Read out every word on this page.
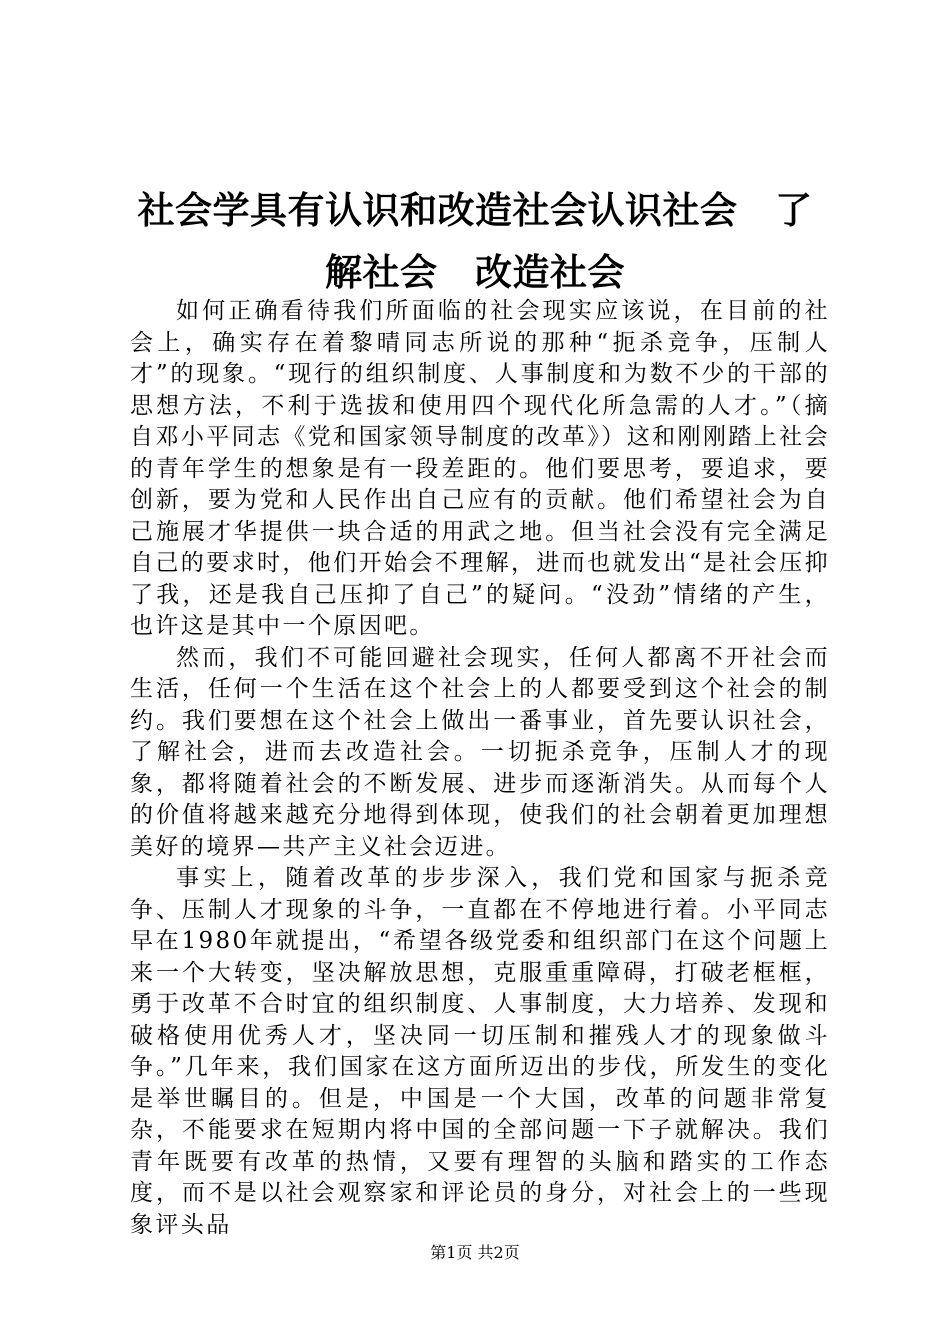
社会学具有认识和改造社会认识社会　了解社会　改造社会

如何正确看待我们所面临的社会现实应该说，在目前的社会上，确实存在着黎晴同志所说的那种“扼杀竞争，压制人才”的现象。“现行的组织制度、人事制度和为数不少的干部的思想方法，不利于选拔和使用四个现代化所急需的人才。”（摘自邓小平同志《党和国家领导制度的改革》）这和刚刚踏上社会的青年学生的想象是有一段差距的。他们要思考，要追求，要创新，要为党和人民作出自己应有的贡献。他们希望社会为自己施展才华提供一块合适的用武之地。但当社会没有完全满足自己的要求时，他们开始会不理解，进而也就发出“是社会压抑了我，还是我自己压抑了自己”的疑问。“没劲”情绪的产生，也许这是其中一个原因吧。

然而，我们不可能回避社会现实，任何人都离不开社会而生活，任何一个生活在这个社会上的人都要受到这个社会的制约。我们要想在这个社会上做出一番事业，首先要认识社会，了解社会，进而去改造社会。一切扼杀竞争，压制人才的现象，都将随着社会的不断发展、进步而逐渐消失。从而每个人的价值将越来越充分地得到体现，使我们的社会朝着更加理想美好的境界—共产主义社会迈进。

事实上，随着改革的步步深入，我们党和国家与扼杀竞争、压制人才现象的斗争，一直都在不停地进行着。小平同志早在1980年就提出，“希望各级党委和组织部门在这个问题上来一个大转变，坚决解放思想，克服重重障碍，打破老框框，勇于改革不合时宜的组织制度、人事制度，大力培养、发现和破格使用优秀人才，坚决同一切压制和摧残人才的现象做斗争。”几年来，我们国家在这方面所迈出的步伐，所发生的变化是举世瞩目的。但是，中国是一个大国，改革的问题非常复杂，不能要求在短期内将中国的全部问题一下子就解决。我们青年既要有改革的热情，又要有理智的头脑和踏实的工作态度，而不是以社会观察家和评论员的身分，对社会上的一些现象评头品

第1页 共2页
